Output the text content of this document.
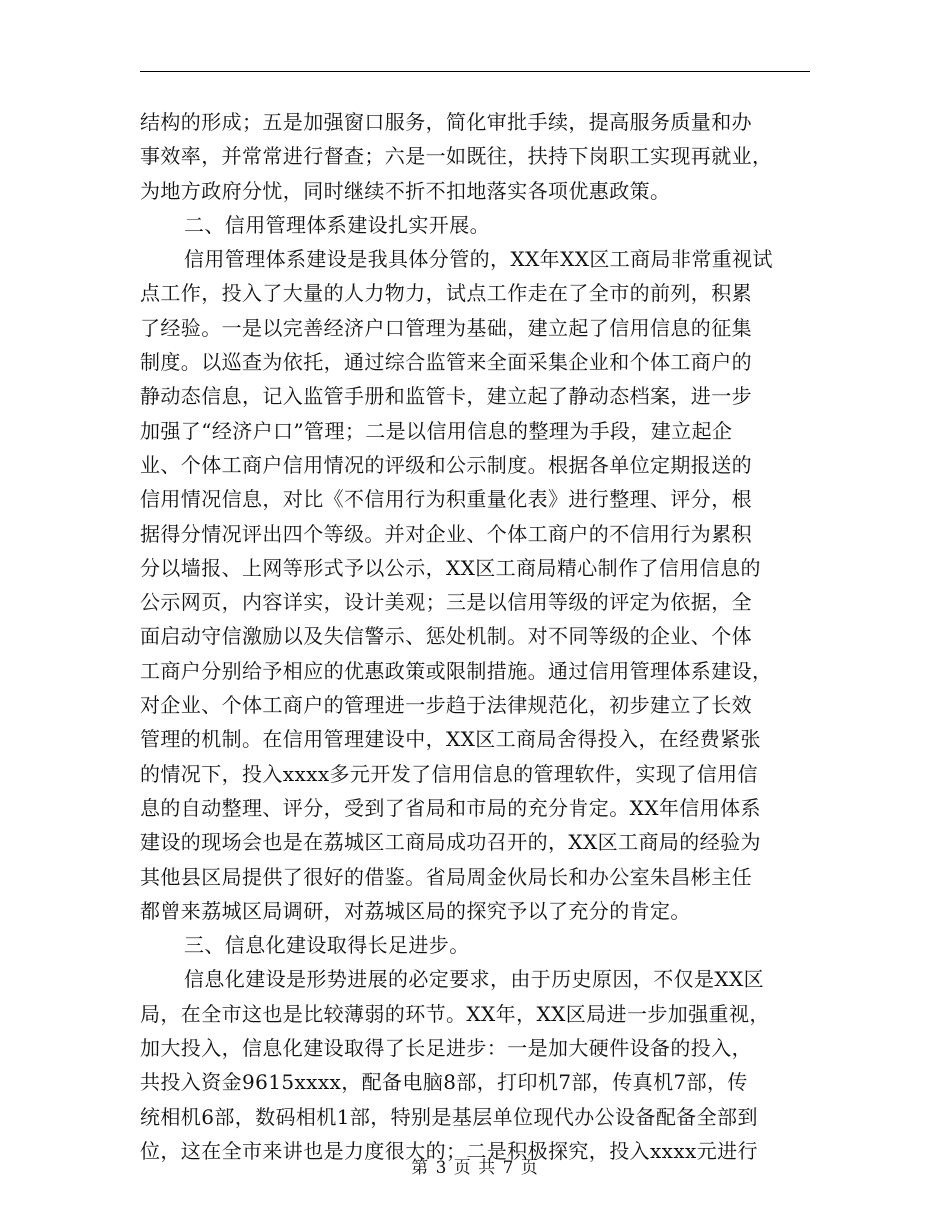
结构的形成；五是加强窗口服务，简化审批手续，提高服务质量和办
事效率，并常常进行督查；六是一如既往，扶持下岗职工实现再就业，
为地方政府分忧，同时继续不折不扣地落实各项优惠政策。
二、信用管理体系建设扎实开展。
信用管理体系建设是我具体分管的，XX年XX区工商局非常重视试
点工作，投入了大量的人力物力，试点工作走在了全市的前列，积累
了经验。一是以完善经济户口管理为基础，建立起了信用信息的征集
制度。以巡查为依托，通过综合监管来全面采集企业和个体工商户的
静动态信息，记入监管手册和监管卡，建立起了静动态档案，进一步
加强了“经济户口”管理；二是以信用信息的整理为手段，建立起企
业、个体工商户信用情况的评级和公示制度。根据各单位定期报送的
信用情况信息，对比《不信用行为积重量化表》进行整理、评分，根
据得分情况评出四个等级。并对企业、个体工商户的不信用行为累积
分以墙报、上网等形式予以公示，XX区工商局精心制作了信用信息的
公示网页，内容详实，设计美观；三是以信用等级的评定为依据，全
面启动守信激励以及失信警示、惩处机制。对不同等级的企业、个体
工商户分别给予相应的优惠政策或限制措施。通过信用管理体系建设，
对企业、个体工商户的管理进一步趋于法律规范化，初步建立了长效
管理的机制。在信用管理建设中，XX区工商局舍得投入，在经费紧张
的情况下，投入xxxx多元开发了信用信息的管理软件，实现了信用信
息的自动整理、评分，受到了省局和市局的充分肯定。XX年信用体系
建设的现场会也是在荔城区工商局成功召开的，XX区工商局的经验为
其他县区局提供了很好的借鉴。省局周金伙局长和办公室朱昌彬主任
都曾来荔城区局调研，对荔城区局的探究予以了充分的肯定。
三、信息化建设取得长足进步。
信息化建设是形势进展的必定要求，由于历史原因，不仅是XX区
局，在全市这也是比较薄弱的环节。XX年，XX区局进一步加强重视，
加大投入，信息化建设取得了长足进步：一是加大硬件设备的投入，
共投入资金9615xxxx，配备电脑8部，打印机7部，传真机7部，传
统相机6部，数码相机1部，特别是基层单位现代办公设备配备全部到
位，这在全市来讲也是力度很大的；二是积极探究，投入xxxx元进行
第 3 页 共 7 页
